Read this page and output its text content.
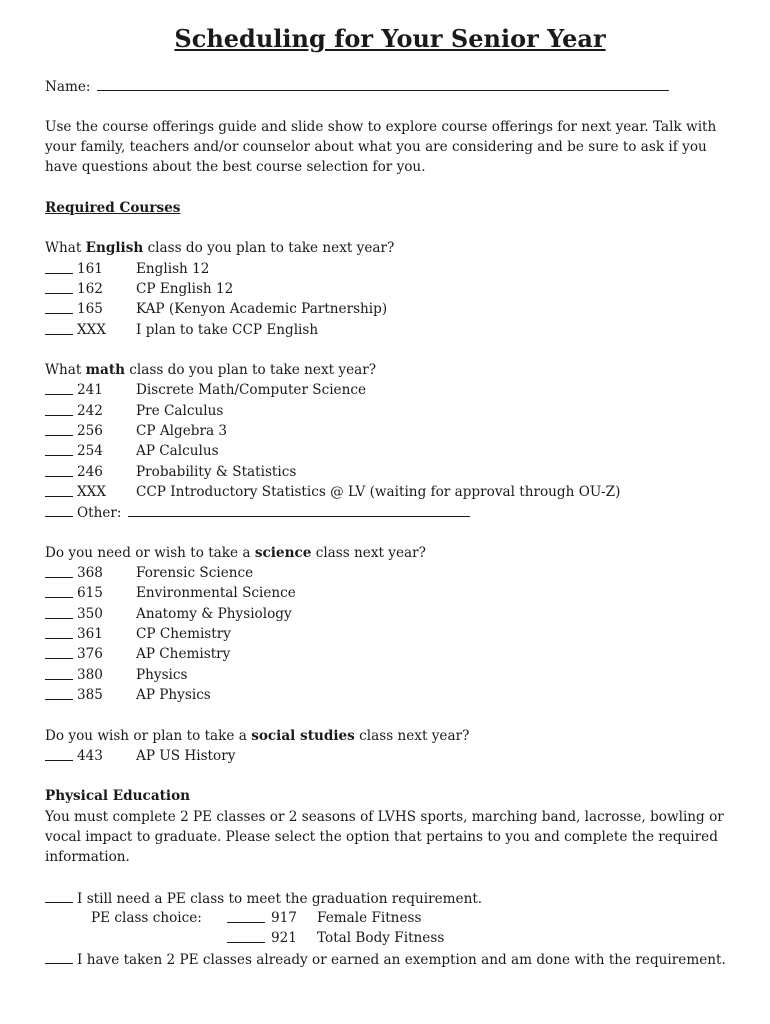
Scheduling for Your Senior Year
Name:
Use the course offerings guide and slide show to explore course offerings for next year. Talk with your family, teachers and/or counselor about what you are considering and be sure to ask if you have questions about the best course selection for you.
Required Courses
What English class do you plan to take next year?
161	English 12
162	CP English 12
165	KAP (Kenyon Academic Partnership)
XXX	I plan to take CCP English
What math class do you plan to take next year?
241	Discrete Math/Computer Science
242	Pre Calculus
256	CP Algebra 3
254	AP Calculus
246	Probability & Statistics
XXX	CCP Introductory Statistics @ LV (waiting for approval through OU-Z)
Other:
Do you need or wish to take a science class next year?
368	Forensic Science
615	Environmental Science
350	Anatomy & Physiology
361	CP Chemistry
376	AP Chemistry
380	Physics
385	AP Physics
Do you wish or plan to take a social studies class next year?
443	AP US History
Physical Education
You must complete 2 PE classes or 2 seasons of LVHS sports, marching band, lacrosse, bowling or vocal impact to graduate. Please select the option that pertains to you and complete the required information.
I still need a PE class to meet the graduation requirement.
PE class choice:	917	Female Fitness
921	Total Body Fitness
I have taken 2 PE classes already or earned an exemption and am done with the requirement.
